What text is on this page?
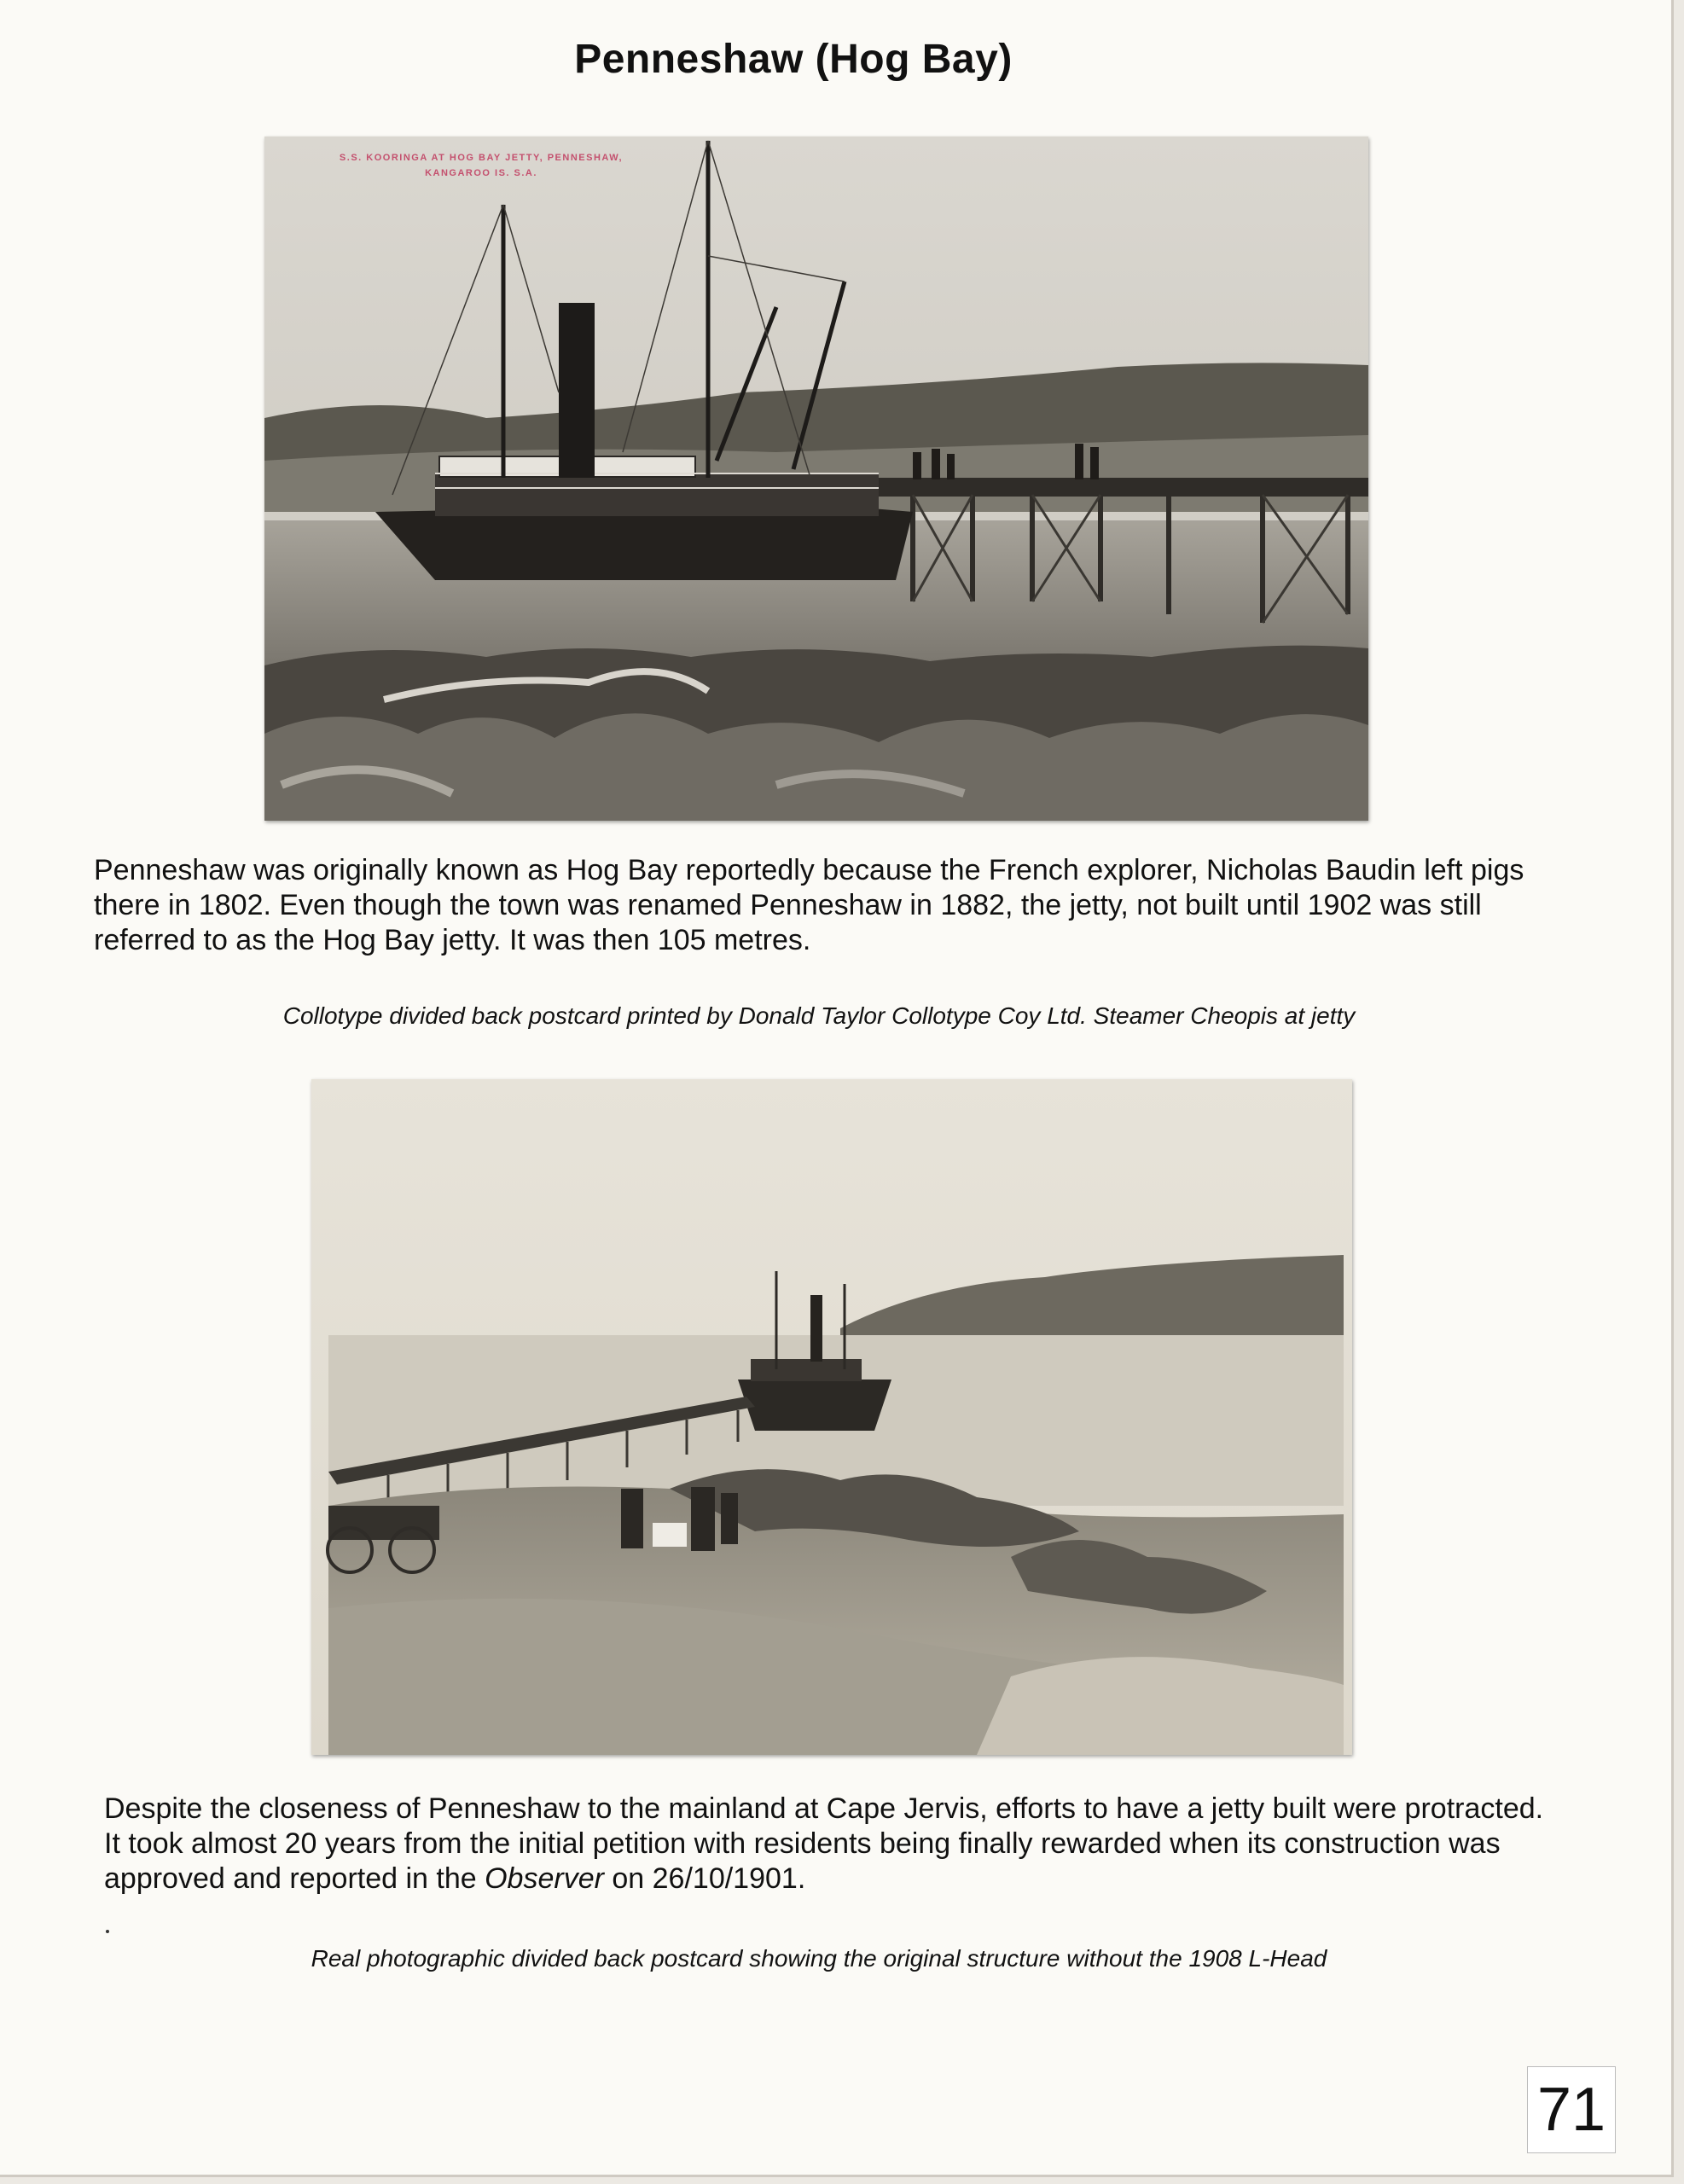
Penneshaw (Hog Bay)
S.S. KOORINGA AT HOG BAY JETTY, PENNESHAW,
KANGAROO IS. S.A.
Penneshaw was originally known as Hog Bay reportedly because the French explorer, Nicholas Baudin left pigs there in 1802. Even though the town was renamed Penneshaw in 1882, the jetty, not built until 1902 was still referred to as the Hog Bay jetty. It was then 105 metres.
Collotype divided back postcard printed by Donald Taylor Collotype Coy Ltd. Steamer Cheopis at jetty
Despite the closeness of Penneshaw to the mainland at Cape Jervis, efforts to have a jetty built were protracted. It took almost 20 years from the initial petition with residents being finally rewarded when its construction was approved and reported in the Observer on 26/10/1901.
Real photographic divided back postcard showing the original structure without the 1908 L-Head
71
